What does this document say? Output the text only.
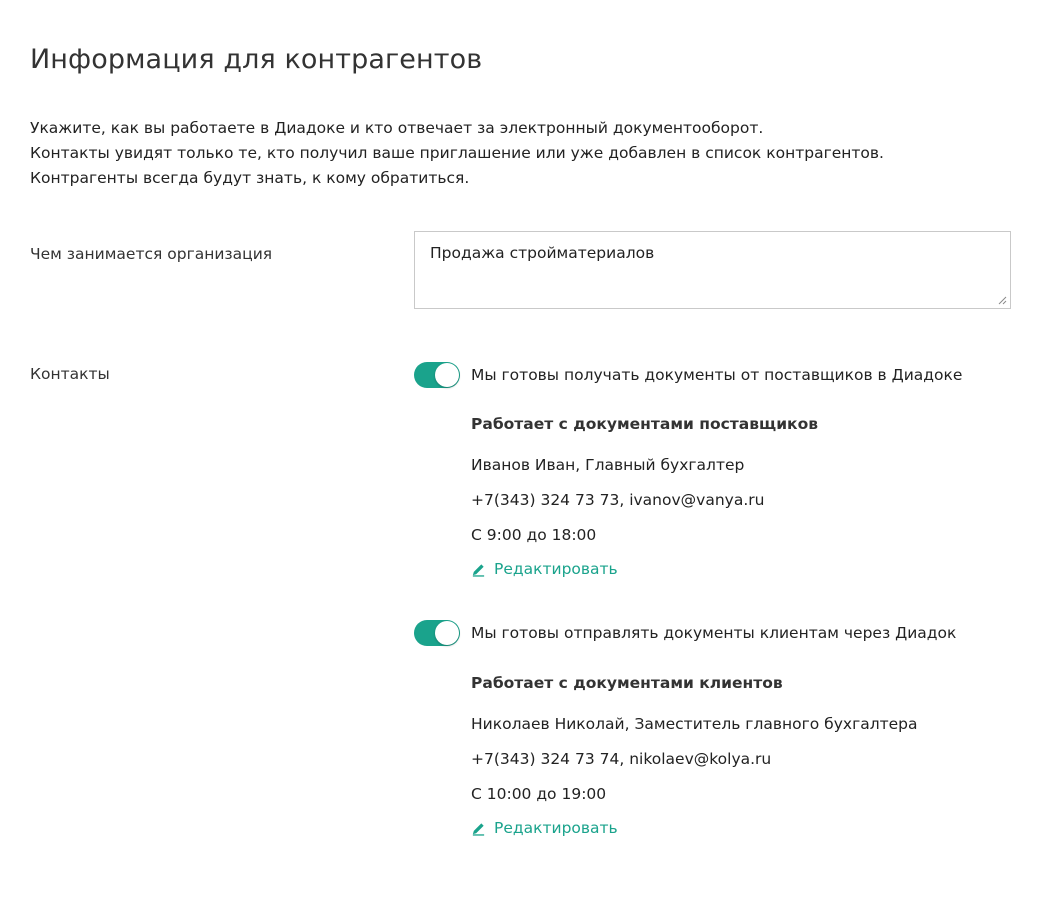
Информация для контрагентов

Укажите, как вы работаете в Диадоке и кто отвечает за электронный документооборот.

Контакты увидят только те, кто получил ваше приглашение или уже добавлен в список контрагентов.

Контрагенты всегда будут знать, к кому обратиться.

Чем занимается организация
Продажа стройматериалов
Контакты	Мы готовы получать документы от поставщиков в Диадоке
Работает с документами поставщиков
Иванов Иван, Главный бухгалтер
+7(343) 324 73 73, ivanov@vanya.ru
С 9:00 до 18:00
Редактировать
Мы готовы отправлять документы клиентам через Диадок
Работает с документами клиентов
Николаев Николай, Заместитель главного бухгалтера
+7(343) 324 73 74, nikolaev@kolya.ru
С 10:00 до 19:00
Редактировать
